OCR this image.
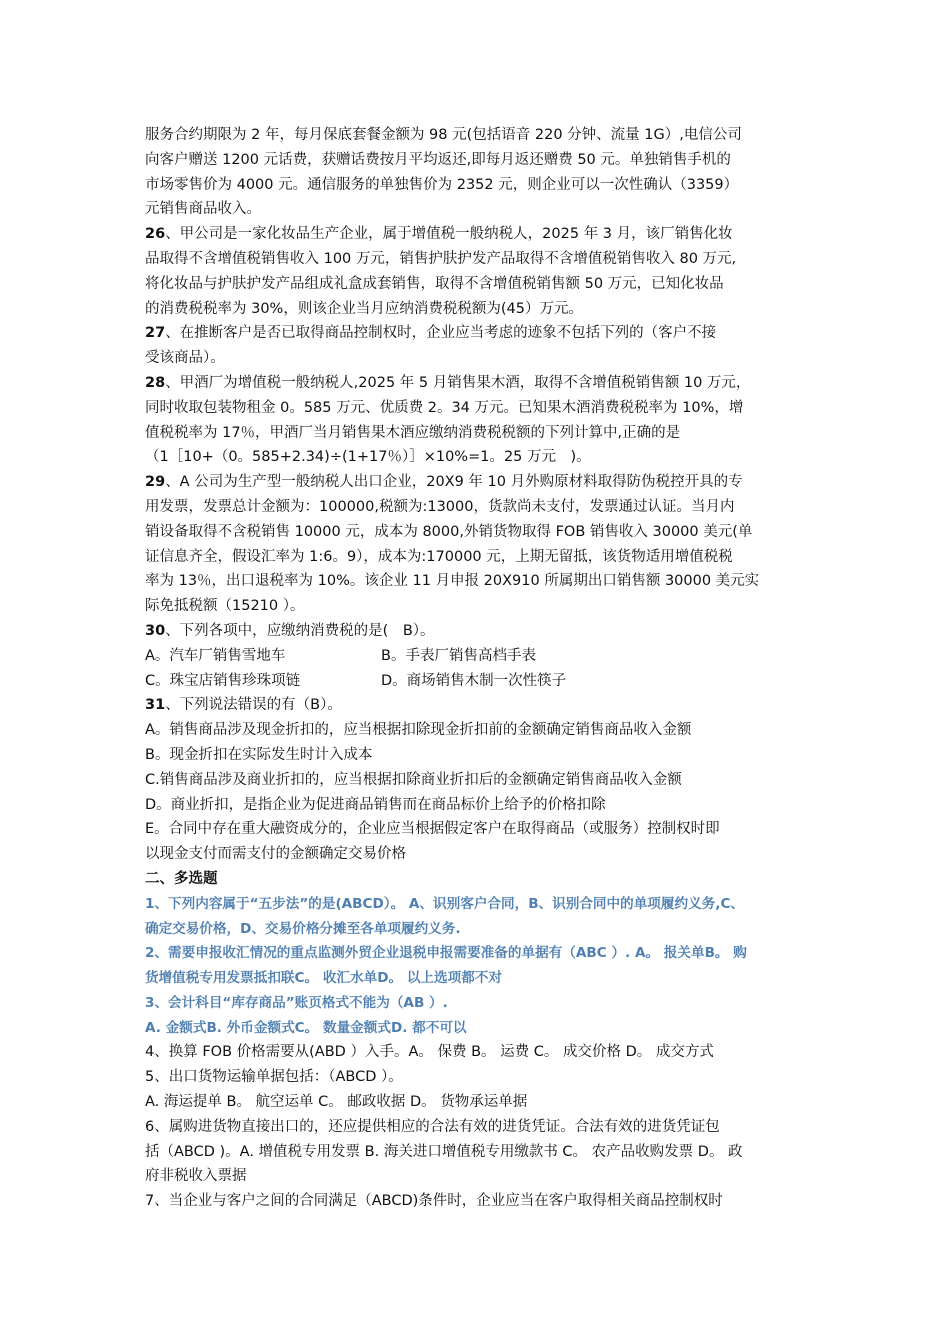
服务合约期限为 2 年，每月保底套餐金额为 98 元(包括语音 220 分钟、流量 1G）,电信公司

向客户赠送 1200 元话费，获赠话费按月平均返还,即每月返还赠费 50 元。单独销售手机的

市场零售价为 4000 元。通信服务的单独售价为 2352 元，则企业可以一次性确认（3359）

元销售商品收入。

26、甲公司是一家化妆品生产企业，属于增值税一般纳税人，2025 年 3 月，该厂销售化妆

品取得不含增值税销售收入 100 万元，销售护肤护发产品取得不含增值税销售收入 80 万元,

将化妆品与护肤护发产品组成礼盒成套销售，取得不含增值税销售额 50 万元，已知化妆品

的消费税税率为 30%，则该企业当月应纳消费税税额为(45）万元。

27、在推断客户是否已取得商品控制权时，企业应当考虑的迹象不包括下列的（客户不接

受该商品）。

28、甲酒厂为增值税一般纳税人,2025 年 5 月销售果木酒，取得不含增值税销售额 10 万元，

同时收取包装物租金 0。585 万元、优质费 2。34 万元。已知果木酒消费税税率为 10%，增

值税税率为 17％，甲酒厂当月销售果木酒应缴纳消费税税额的下列计算中,正确的是

（1［10+（0。585+2.34)÷(1+17％）］×10%=1。25 万元　)。

29、A 公司为生产型一般纳税人出口企业，20X9 年 10 月外购原材料取得防伪税控开具的专

用发票，发票总计金额为：100000,税额为:13000，货款尚未支付，发票通过认证。当月内

销设备取得不含税销售 10000 元，成本为 8000,外销货物取得 FOB 销售收入 30000 美元(单

证信息齐全，假设汇率为 1:6。9），成本为:170000 元，上期无留抵，该货物适用增值税税

率为 13％，出口退税率为 10%。该企业 11 月申报 20X910 所属期出口销售额 30000 美元实

际免抵税额（15210 ）。

30、下列各项中，应缴纳消费税的是(　B）。

A。汽车厂销售雪地车	B。手表厂销售高档手表
C。珠宝店销售珍珠项链	D。商场销售木制一次性筷子

31、下列说法错误的有（B）。

A。销售商品涉及现金折扣的，应当根据扣除现金折扣前的金额确定销售商品收入金额

B。现金折扣在实际发生时计入成本

C.销售商品涉及商业折扣的，应当根据扣除商业折扣后的金额确定销售商品收入金额

D。商业折扣，是指企业为促进商品销售而在商品标价上给予的价格扣除

E。合同中存在重大融资成分的，企业应当根据假定客户在取得商品（或服务）控制权时即

以现金支付而需支付的金额确定交易价格

二、多选题

1、下列内容属于“五步法”的是(ABCD）。 A、识别客户合同，B、识别合同中的单项履约义务,C、

确定交易价格，D、交易价格分摊至各单项履约义务.

2、需要申报收汇情况的重点监测外贸企业退税申报需要准备的单据有（ABC ）. A。 报关单B。 购

货增值税专用发票抵扣联C。 收汇水单D。 以上选项都不对

3、会计科目“库存商品”账页格式不能为（AB ）.

A. 金额式B. 外币金额式C。 数量金额式D. 都不可以

4、换算 FOB 价格需要从(ABD ）入手。A。 保费 B。 运费 C。 成交价格 D。 成交方式

5、出口货物运输单据包括：（ABCD ）。

A. 海运提单 B。 航空运单 C。 邮政收据 D。 货物承运单据

6、属购进货物直接出口的，还应提供相应的合法有效的进货凭证。合法有效的进货凭证包

括（ABCD )。A. 增值税专用发票 B. 海关进口增值税专用缴款书 C。 农产品收购发票 D。 政

府非税收入票据

7、当企业与客户之间的合同满足（ABCD)条件时，企业应当在客户取得相关商品控制权时
